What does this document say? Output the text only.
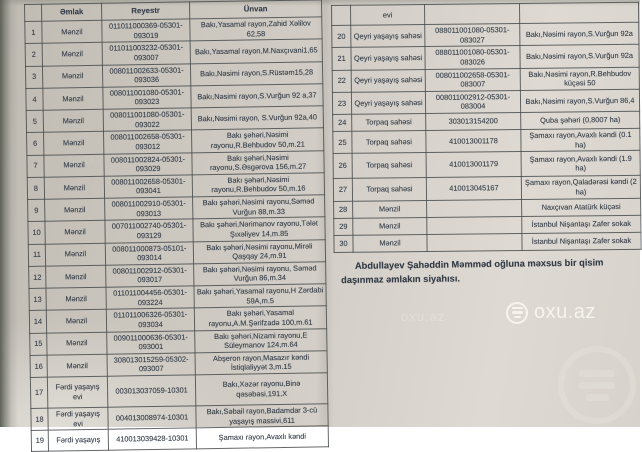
	Əmlak	Reyestr	Ünvan
1	Mənzil	011011000369-05301-093019	Bakı,Yasamal rayon,Zahid Xəlilov 62,58
2	Mənzil	011011003232-05301-093007	Bakı,Yasamal rayon,M.Naxçıvani1,65
3	Mənzil	008011002633-05301-093036	Bakı,Nəsimi rayon,S.Rüstəm15,28
4	Mənzil	008011001080-05301-093023	Bakı,Nəsimi rayon,S.Vurğun 92 a,37
5	Mənzil	008011001080-05301-093022	Bakı,Nəsimi rayon, S.Vurğun 92a,40
6	Mənzil	008011002658-05301-093012	Bakı şəhəri,Nəsimi rayonu,R.Behbudov 50,m.21
7	Mənzil	008011002824-05301-093029	Bakı şəhəri,Nəsimi rayonu,S.Əsgərova 156,m.27
8	Mənzil	008011002658-05301-093041	Bakı şəhəri,Nəsimi rayonu,R.Behbudov 50,m.16
9	Mənzil	008011002910-05301-093013	Bakı şəhəri,Nəsimi rayonu,Səməd Vurğun 88,m.33
10	Mənzil	007011002740-05301-093129	Bakı şəhəri,Nərimanov rayonu,Tələt Şıxəliyev 14,m.85
11	Mənzil	008011000873-05101-093014	Bakı şəhəri,Nəsimi rayonu,Mirəli Qaşqay 24,m.91
12	Mənzil	008011002912-05301-093017	Bakı şəhəri,Nəsimi rayonu, Səməd Vurğun 86,m.34
13	Mənzil	011011004456-05301-093224	Bakı şəhəri,Yasamal rayonu,H Zərdabi 59A,m.5
14	Mənzil	011011006326-05301-093034	Bakı şəhəri,Yasamal rayonu,A.M.Şərifzadə 100,m.61
15	Mənzil	009011000636-05301-093001	Bakı şəhəri,Nizami rayonu,E Süleymanov 124,m.64
16	Mənzil	308013015259-05302-093007	Abşeron rayon,Masazır kəndi İstiqlaliyyət 3,m.15
17	Fərdi yaşayış evi	003013037059-10301	Bakı,Xəzər rayonu,Binə qəsəbəsi,191,X
18	Fərdi yaşayış evi	004013008974-10301	Bakı,Səbail rayon,Badamdar 3-cü yaşayış massivi,611
19	Fərdi yaşayış	410013039428-10301	Şamaxı rayon,Avaxlı kəndi
	evi		
20	Qeyri yaşayış sahəsi	088011001080-05301-083027	Bakı,Nəsimi rayon,S.Vurğun 92a
21	Qeyri yaşayış sahəsi	088011001080-05301-083026	Bakı,Nəsimi rayon,S.Vurğun 92a
22	Qeyri yaşayış sahəsi	008011002658-05301-083007	Bakı,Nəsimi rayon,R.Behbudov küçəsi 50
23	Qeyri yaşayış sahəsi	008011002912-05301-083004	Bakı,Nəsimi rayon,S.Vurğun 86,4
24	Torpaq sahəsi	303013154200	Quba şəhəri (0,8007 ha)
25	Torpaq sahəsi	410013001178	Şamaxı rayon,Avaxlı kəndi (0.1 ha)
26	Torpaq sahəsi	410013001179	Şamaxı rayon,Avaxlı kəndi (1.9 ha)
27	Torpaq sahəsi	410013045167	Şamaxı rayon,Qaladərəsi kəndi (2 ha)
28	Mənzil		Naxçıvan Atatürk küçəsi
29	Mənzil		İstanbul Nişantaşı Zafer sokak
30	Mənzil		İstanbul Nişantaşı Zafer sokak
Abdullayev Şahəddin Məmməd oğluna məxsus bir qisim daşınmaz əmlakın siyahısı.
oxu.az	oxu.az
oxu.az
oxu.az
